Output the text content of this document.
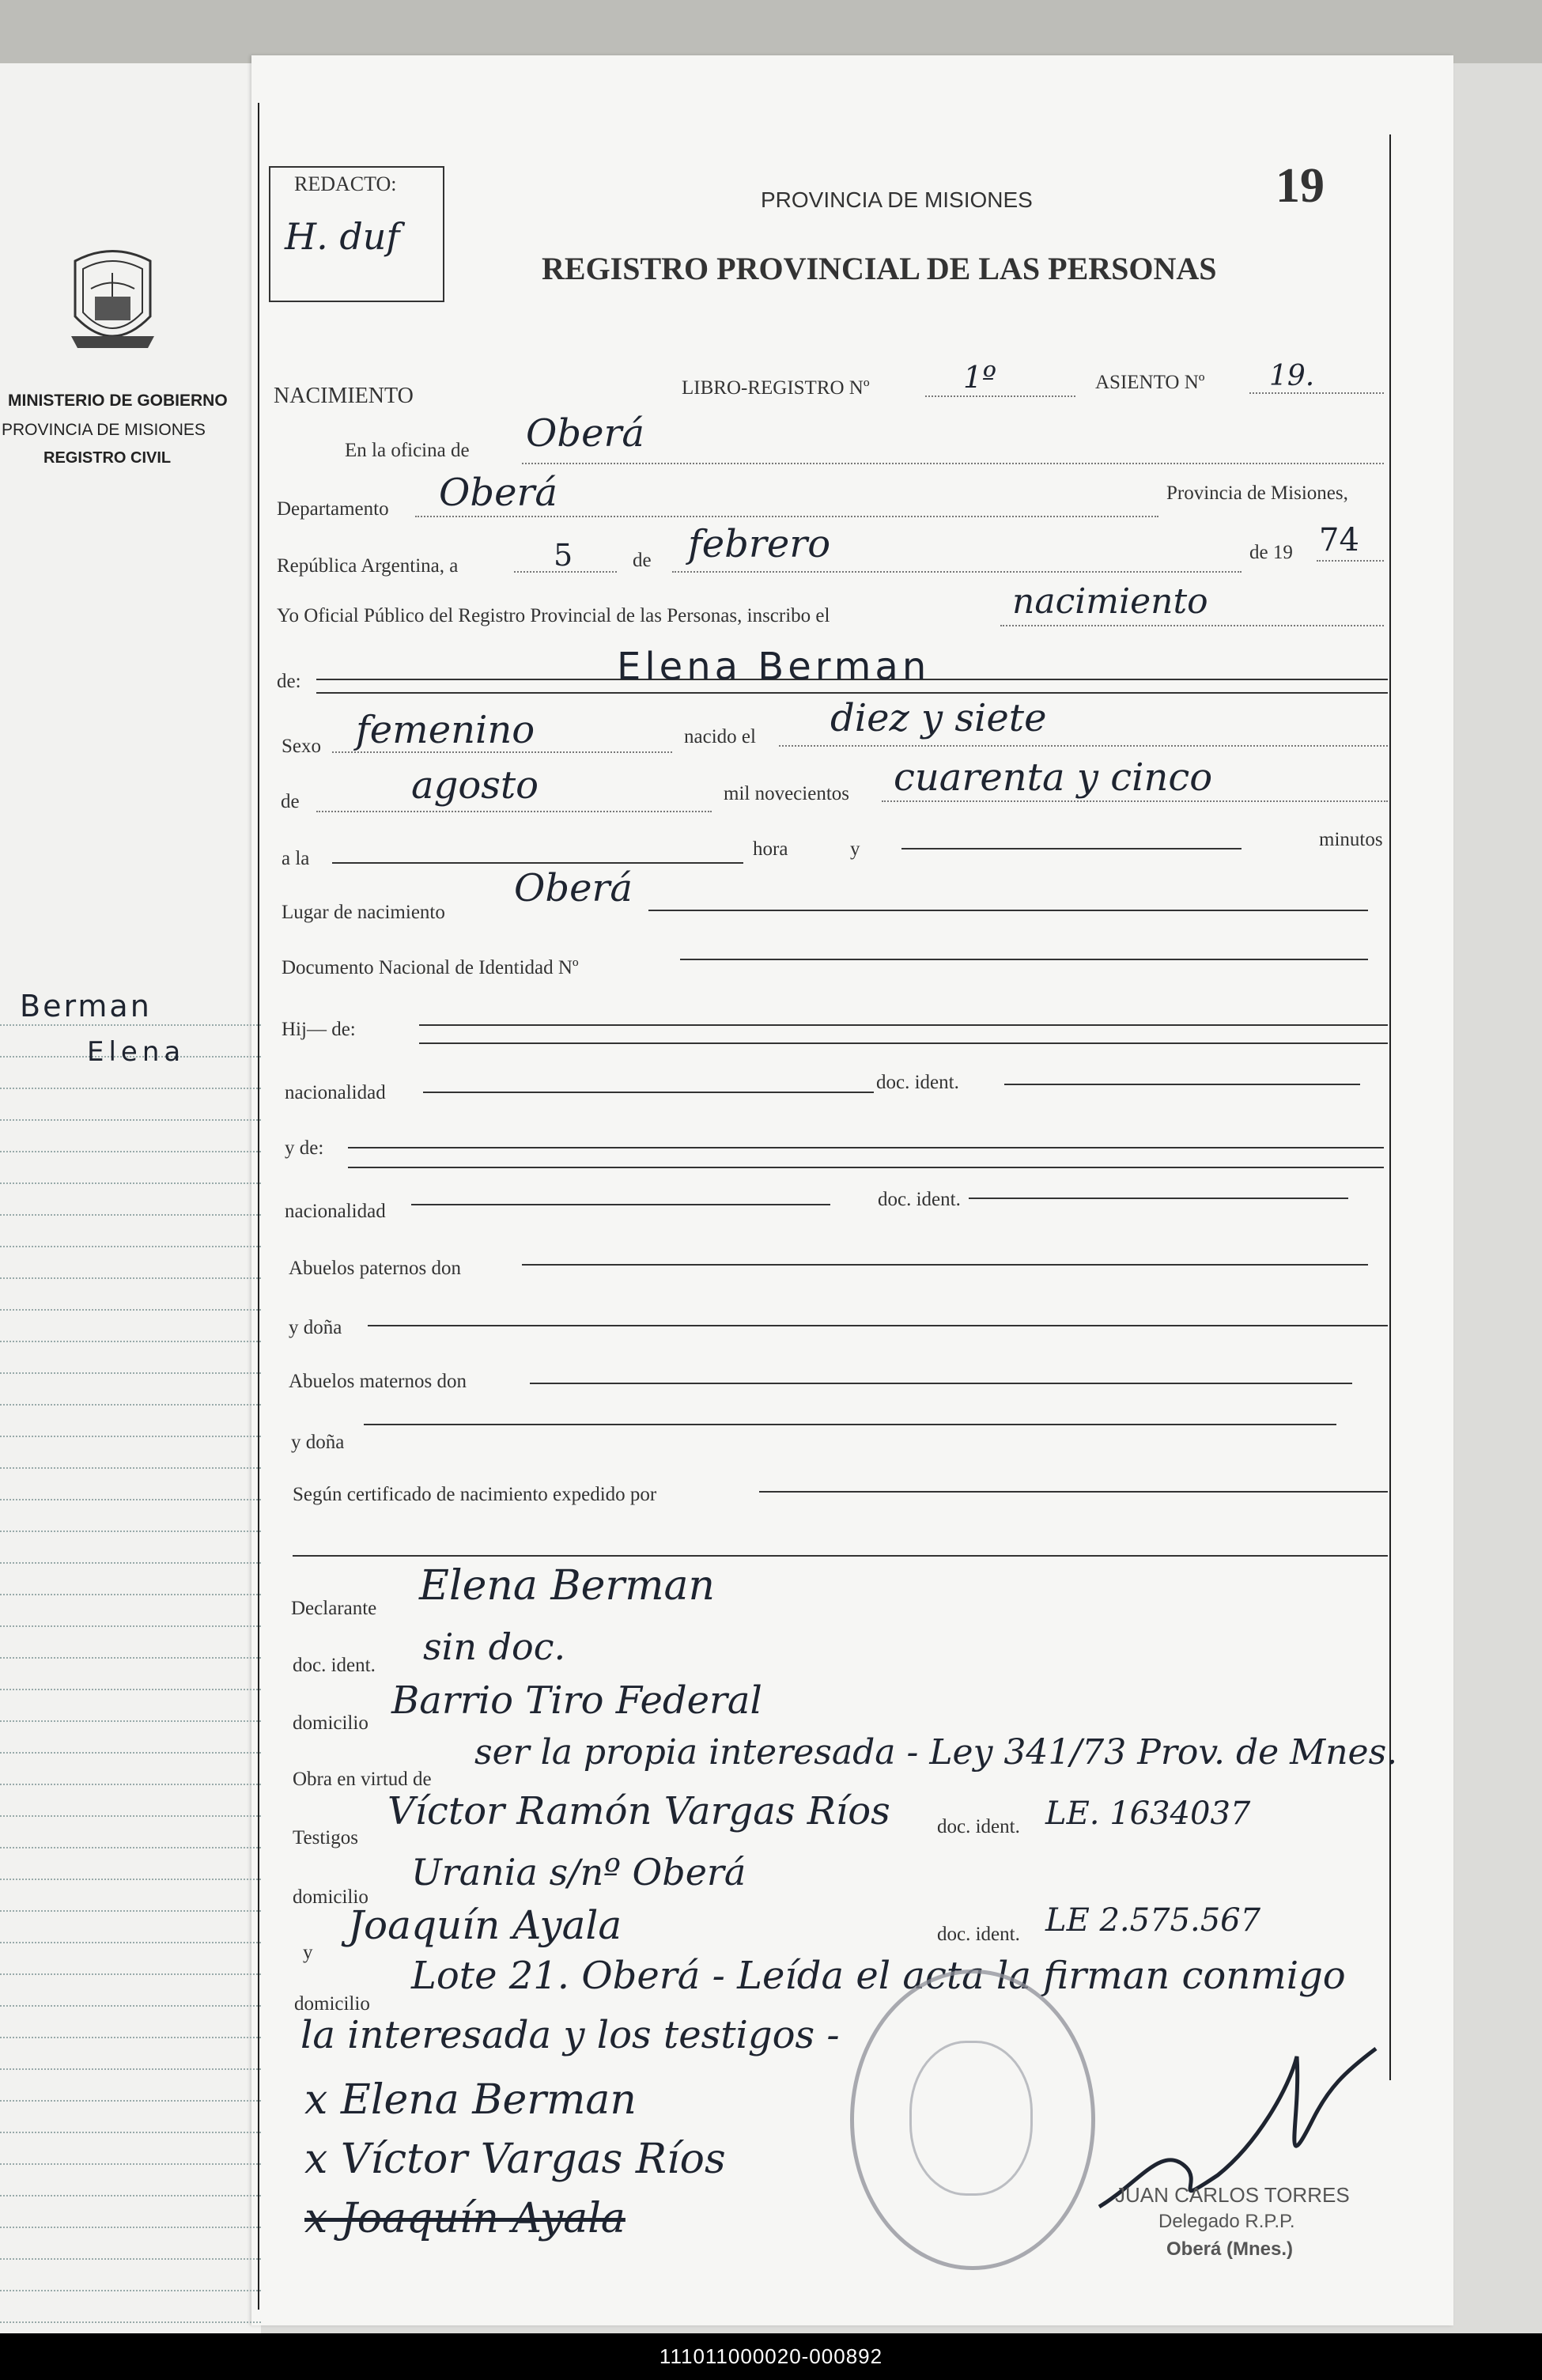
MINISTERIO DE GOBIERNO
PROVINCIA DE MISIONES
REGISTRO CIVIL
Berman
Elena
REDACTO:
H. duf
PROVINCIA DE MISIONES	19
REGISTRO PROVINCIAL DE LAS PERSONAS
NACIMIENTO	LIBRO-REGISTRO Nº	1º	ASIENTO Nº 19.
En la oficina de Oberá
Departamento Oberá	Provincia de Misiones,
República Argentina, a	5	de febrero	de 19 74
Yo Oficial Público del Registro Provincial de las Personas, inscribo el	nacimiento
de:	Elena Berman
Sexo femenino	nacido el diez y siete
de	agosto	mil novecientos cuarenta y cinco
a la	hora	y	minutos
Lugar de nacimiento
Oberá
Documento Nacional de Identidad Nº
Hij— de:
nacionalidad	doc. ident.
y de:
nacionalidad
doc. ident.
Abuelos paternos don
y doña
Abuelos maternos don
y doña
Según certificado de nacimiento expedido por
Declarante Elena Berman
doc. ident. sin doc.
domicilio
Barrio Tiro Federal
Obra en virtud de
ser la propia interesada - Ley 341/73 Prov. de Mnes.
Testigos
Víctor Ramón Vargas Ríos doc. ident. LE. 1634037
domicilio
Urania s/nº Oberá
y
Joaquín Ayala	doc. ident. LE 2.575.567
domicilio
Lote 21. Oberá - Leída el acta la firman conmigo
la interesada y los testigos -
x Elena Berman
x Víctor Vargas Ríos
x Joaquín Ayala	JUAN CARLOS TORRES
Delegado R.P.P.
Oberá (Mnes.)
111011000020-000892
